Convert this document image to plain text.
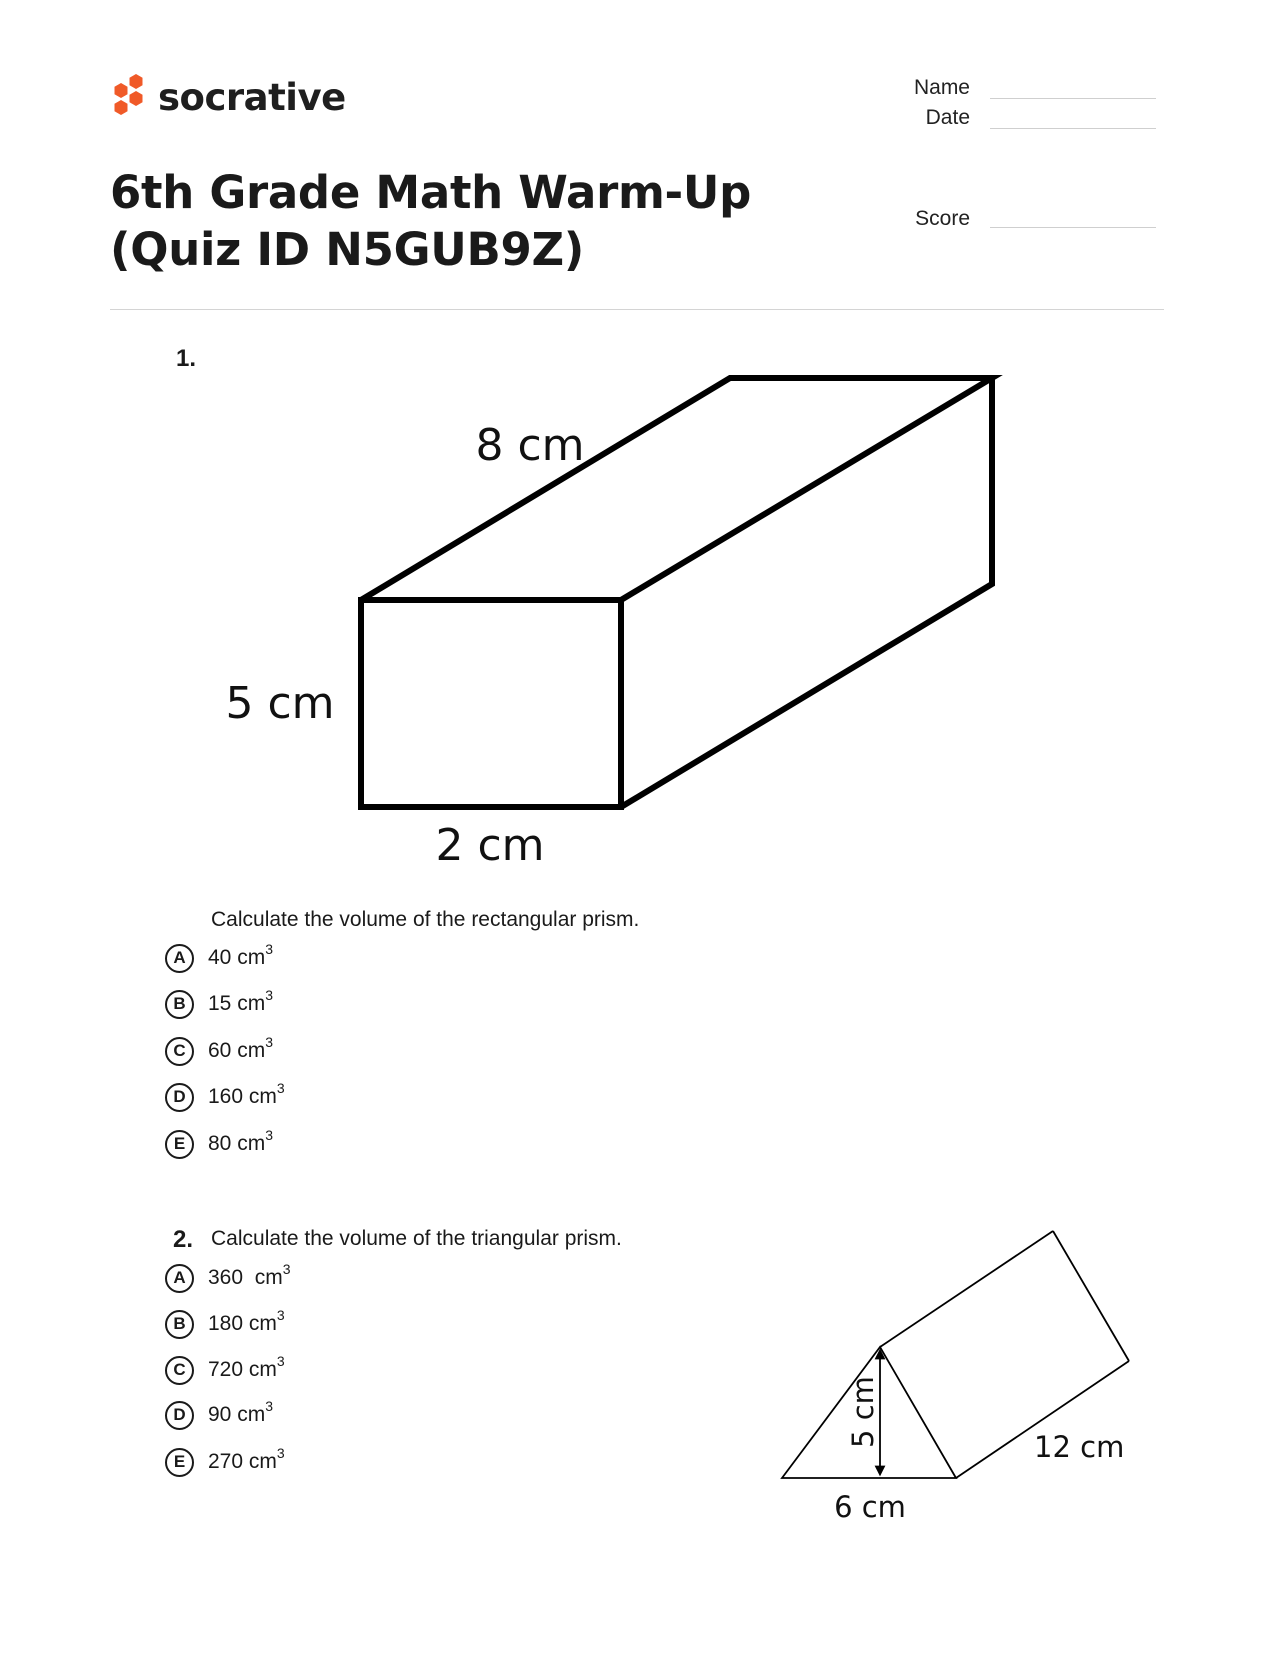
socrative	Name
Date
Score
6th Grade Math Warm-Up (Quiz ID N5GUB9Z)
1.
8 cm
5 cm
2 cm
Calculate the volume of the rectangular prism.
A	40 $cm^3$
B	15 $cm^3$
C	60 $cm^3$
D	160 $cm^3$
E	80 $cm^3$
2. Calculate the volume of the triangular prism.
A	360  $cm^3$
B	180 $cm^3$
C	720 $cm^3$
D	90 $cm^3$
E	270 $cm^3$
5 cm
6 cm
12 cm
